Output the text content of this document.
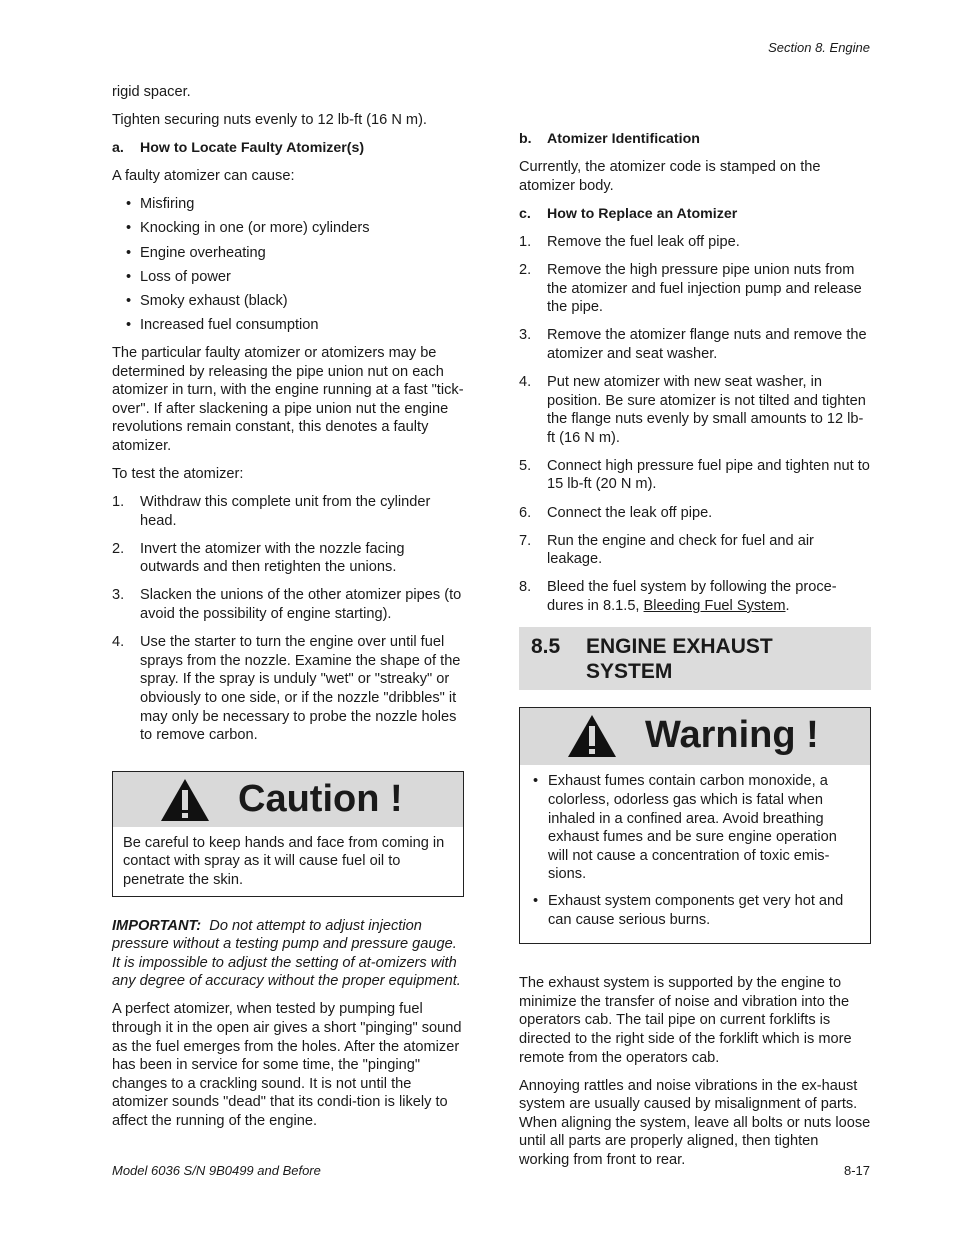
Section 8. Engine

rigid spacer.

Tighten securing nuts evenly to 12 lb-ft (16 N m).

a. How to Locate Faulty Atomizer(s)

A faulty atomizer can cause:

• Misfiring
• Knocking in one (or more) cylinders
• Engine overheating
• Loss of power
• Smoky exhaust (black)
• Increased fuel consumption

The particular faulty atomizer or atomizers may be determined by releasing the pipe union nut on each atomizer in turn, with the engine running at a fast "tick-over". If after slackening a pipe union nut the engine revolutions remain constant, this denotes a faulty atomizer.

To test the atomizer:

1. Withdraw this complete unit from the cylinder head.
2. Invert the atomizer with the nozzle facing outwards and then retighten the unions.
3. Slacken the unions of the other atomizer pipes (to avoid the possibility of engine starting).
4. Use the starter to turn the engine over until fuel sprays from the nozzle. Examine the shape of the spray. If the spray is unduly "wet" or "streaky" or obviously to one side, or if the nozzle "dribbles" it may only be necessary to probe the nozzle holes to remove carbon.
Caution !
Be careful to keep hands and face from coming in contact with spray as it will cause fuel oil to penetrate the skin.

IMPORTANT: Do not attempt to adjust injection pressure without a testing pump and pressure gauge. It is impossible to adjust the setting of at-omizers with any degree of accuracy without the proper equipment.

A perfect atomizer, when tested by pumping fuel through it in the open air gives a short "pinging" sound as the fuel emerges from the holes. After the atomizer has been in service for some time, the "pinging" changes to a crackling sound. It is not until the atomizer sounds "dead" that its condi-tion is likely to affect the running of the engine.

b. Atomizer Identification

Currently, the atomizer code is stamped on the atomizer body.

c. How to Replace an Atomizer
1. Remove the fuel leak off pipe.
2. Remove the high pressure pipe union nuts from the atomizer and fuel injection pump and release the pipe.
3. Remove the atomizer flange nuts and remove the atomizer and seat washer.
4. Put new atomizer with new seat washer, in position. Be sure atomizer is not tilted and tighten the flange nuts evenly by small amounts to 12 lb-ft (16 N m).
5. Connect high pressure fuel pipe and tighten nut to 15 lb-ft (20 N m).
6. Connect the leak off pipe.
7. Run the engine and check for fuel and air leakage.
8. Bleed the fuel system by following the proce-dures in 8.1.5, Bleeding Fuel System.
8.5	ENGINE EXHAUST SYSTEM
Warning !
• Exhaust fumes contain carbon monoxide, a colorless, odorless gas which is fatal when inhaled in a confined area. Avoid breathing exhaust fumes and be sure engine operation will not cause a concentration of toxic emis-sions.
• Exhaust system components get very hot and can cause serious burns.

The exhaust system is supported by the engine to minimize the transfer of noise and vibration into the operators cab. The tail pipe on current forklifts is directed to the right side of the forklift which is more remote from the operators cab.

Annoying rattles and noise vibrations in the ex-haust system are usually caused by misalignment of parts. When aligning the system, leave all bolts or nuts loose until all parts are properly aligned, then tighten working from front to rear.

Model 6036 S/N 9B0499 and Before	8-17
